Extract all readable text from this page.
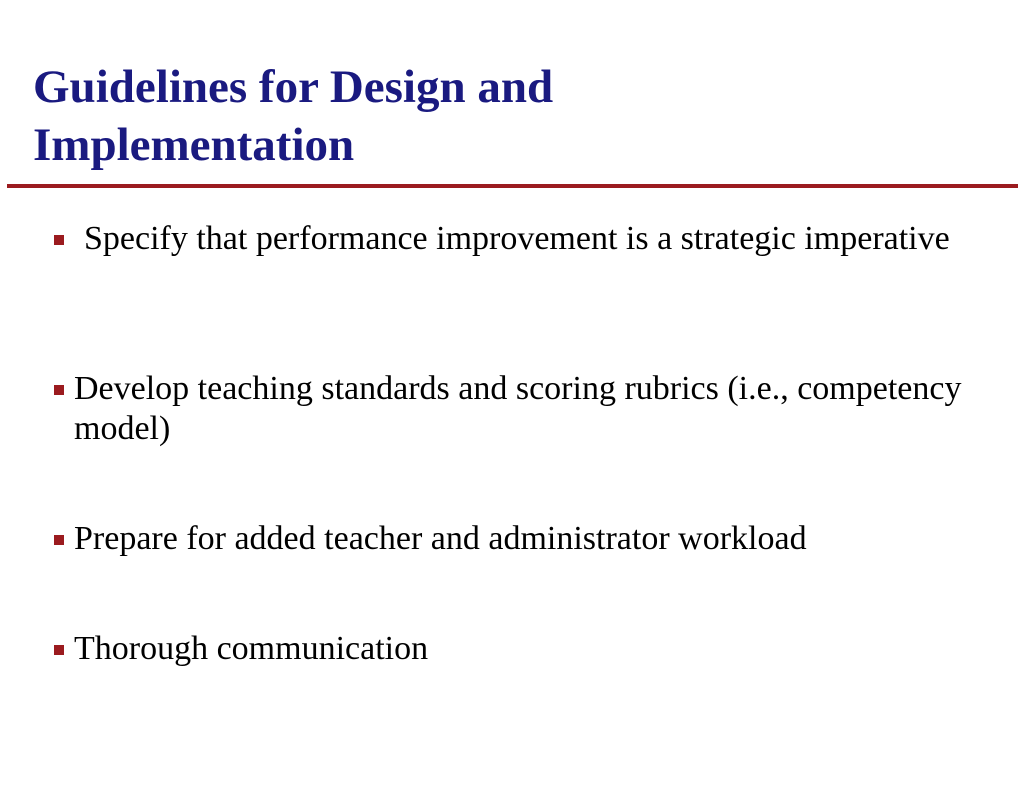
Guidelines for Design and
Implementation
Specify that performance improvement is a strategic imperative
Develop teaching standards and scoring rubrics (i.e., competency model)
Prepare for added teacher and administrator workload
Thorough communication
